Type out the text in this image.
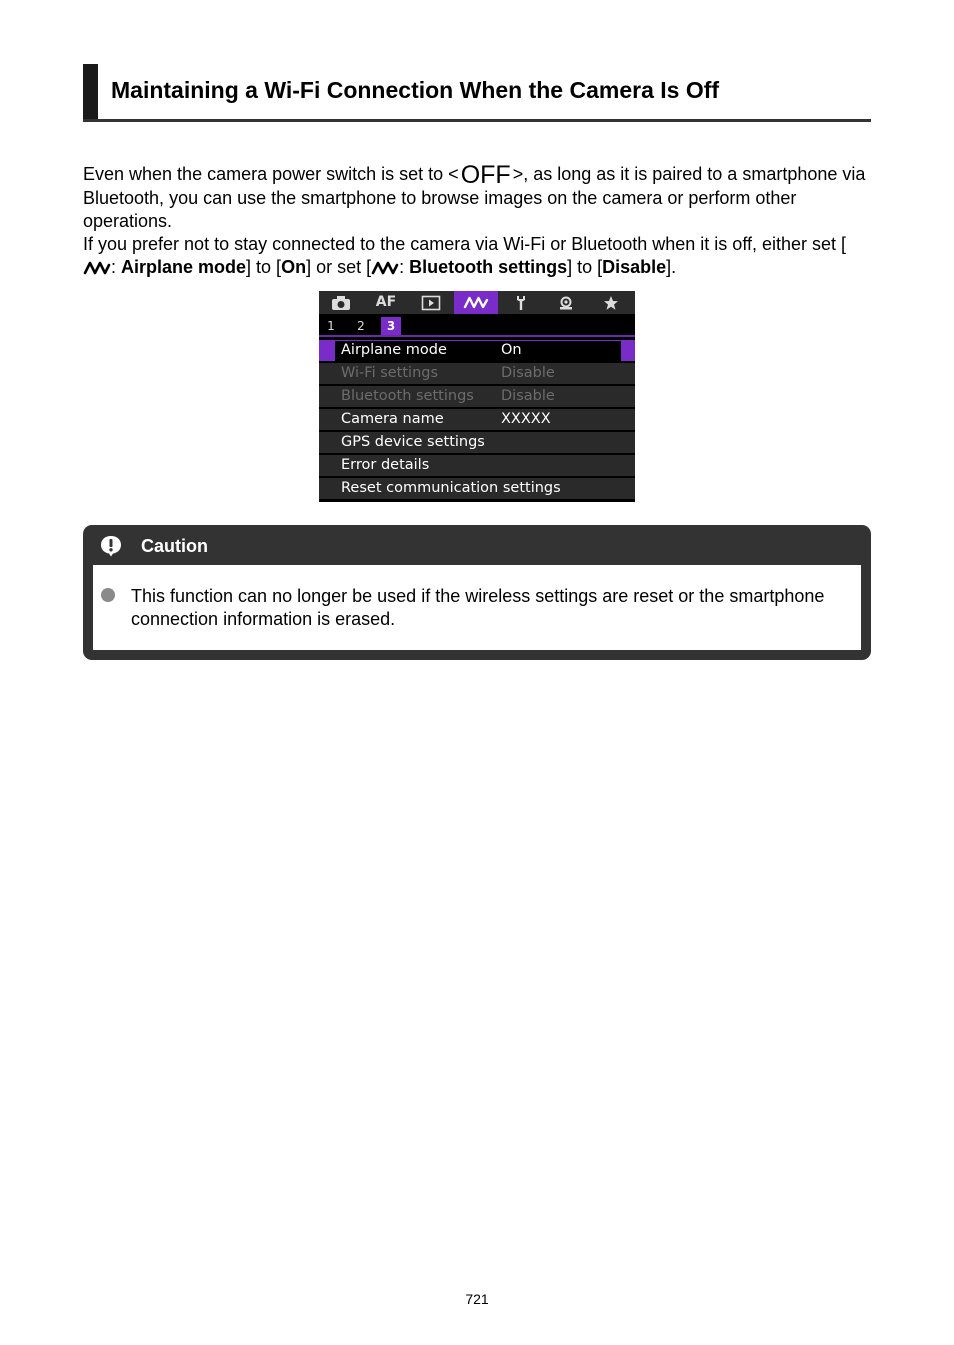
Maintaining a Wi-Fi Connection When the Camera Is Off

Even when the camera power switch is set to <OFF >, as long as it is paired to a smartphone via Bluetooth, you can use the smartphone to browse images on the camera or perform other operations.

If you prefer not to stay connected to the camera via Wi-Fi or Bluetooth when it is off, either set [: Airplane mode] to [On] or set [ : Bluetooth settings] to [Disable].

AF
1	2	3
Airplane mode	On
Wi-Fi settings	Disable
Bluetooth settings Disable
Camera name	XXXXX
GPS device settings
Error details
Reset communication settings
Caution
This function can no longer be used if the wireless settings are reset or the smartphone connection information is erased.
721
